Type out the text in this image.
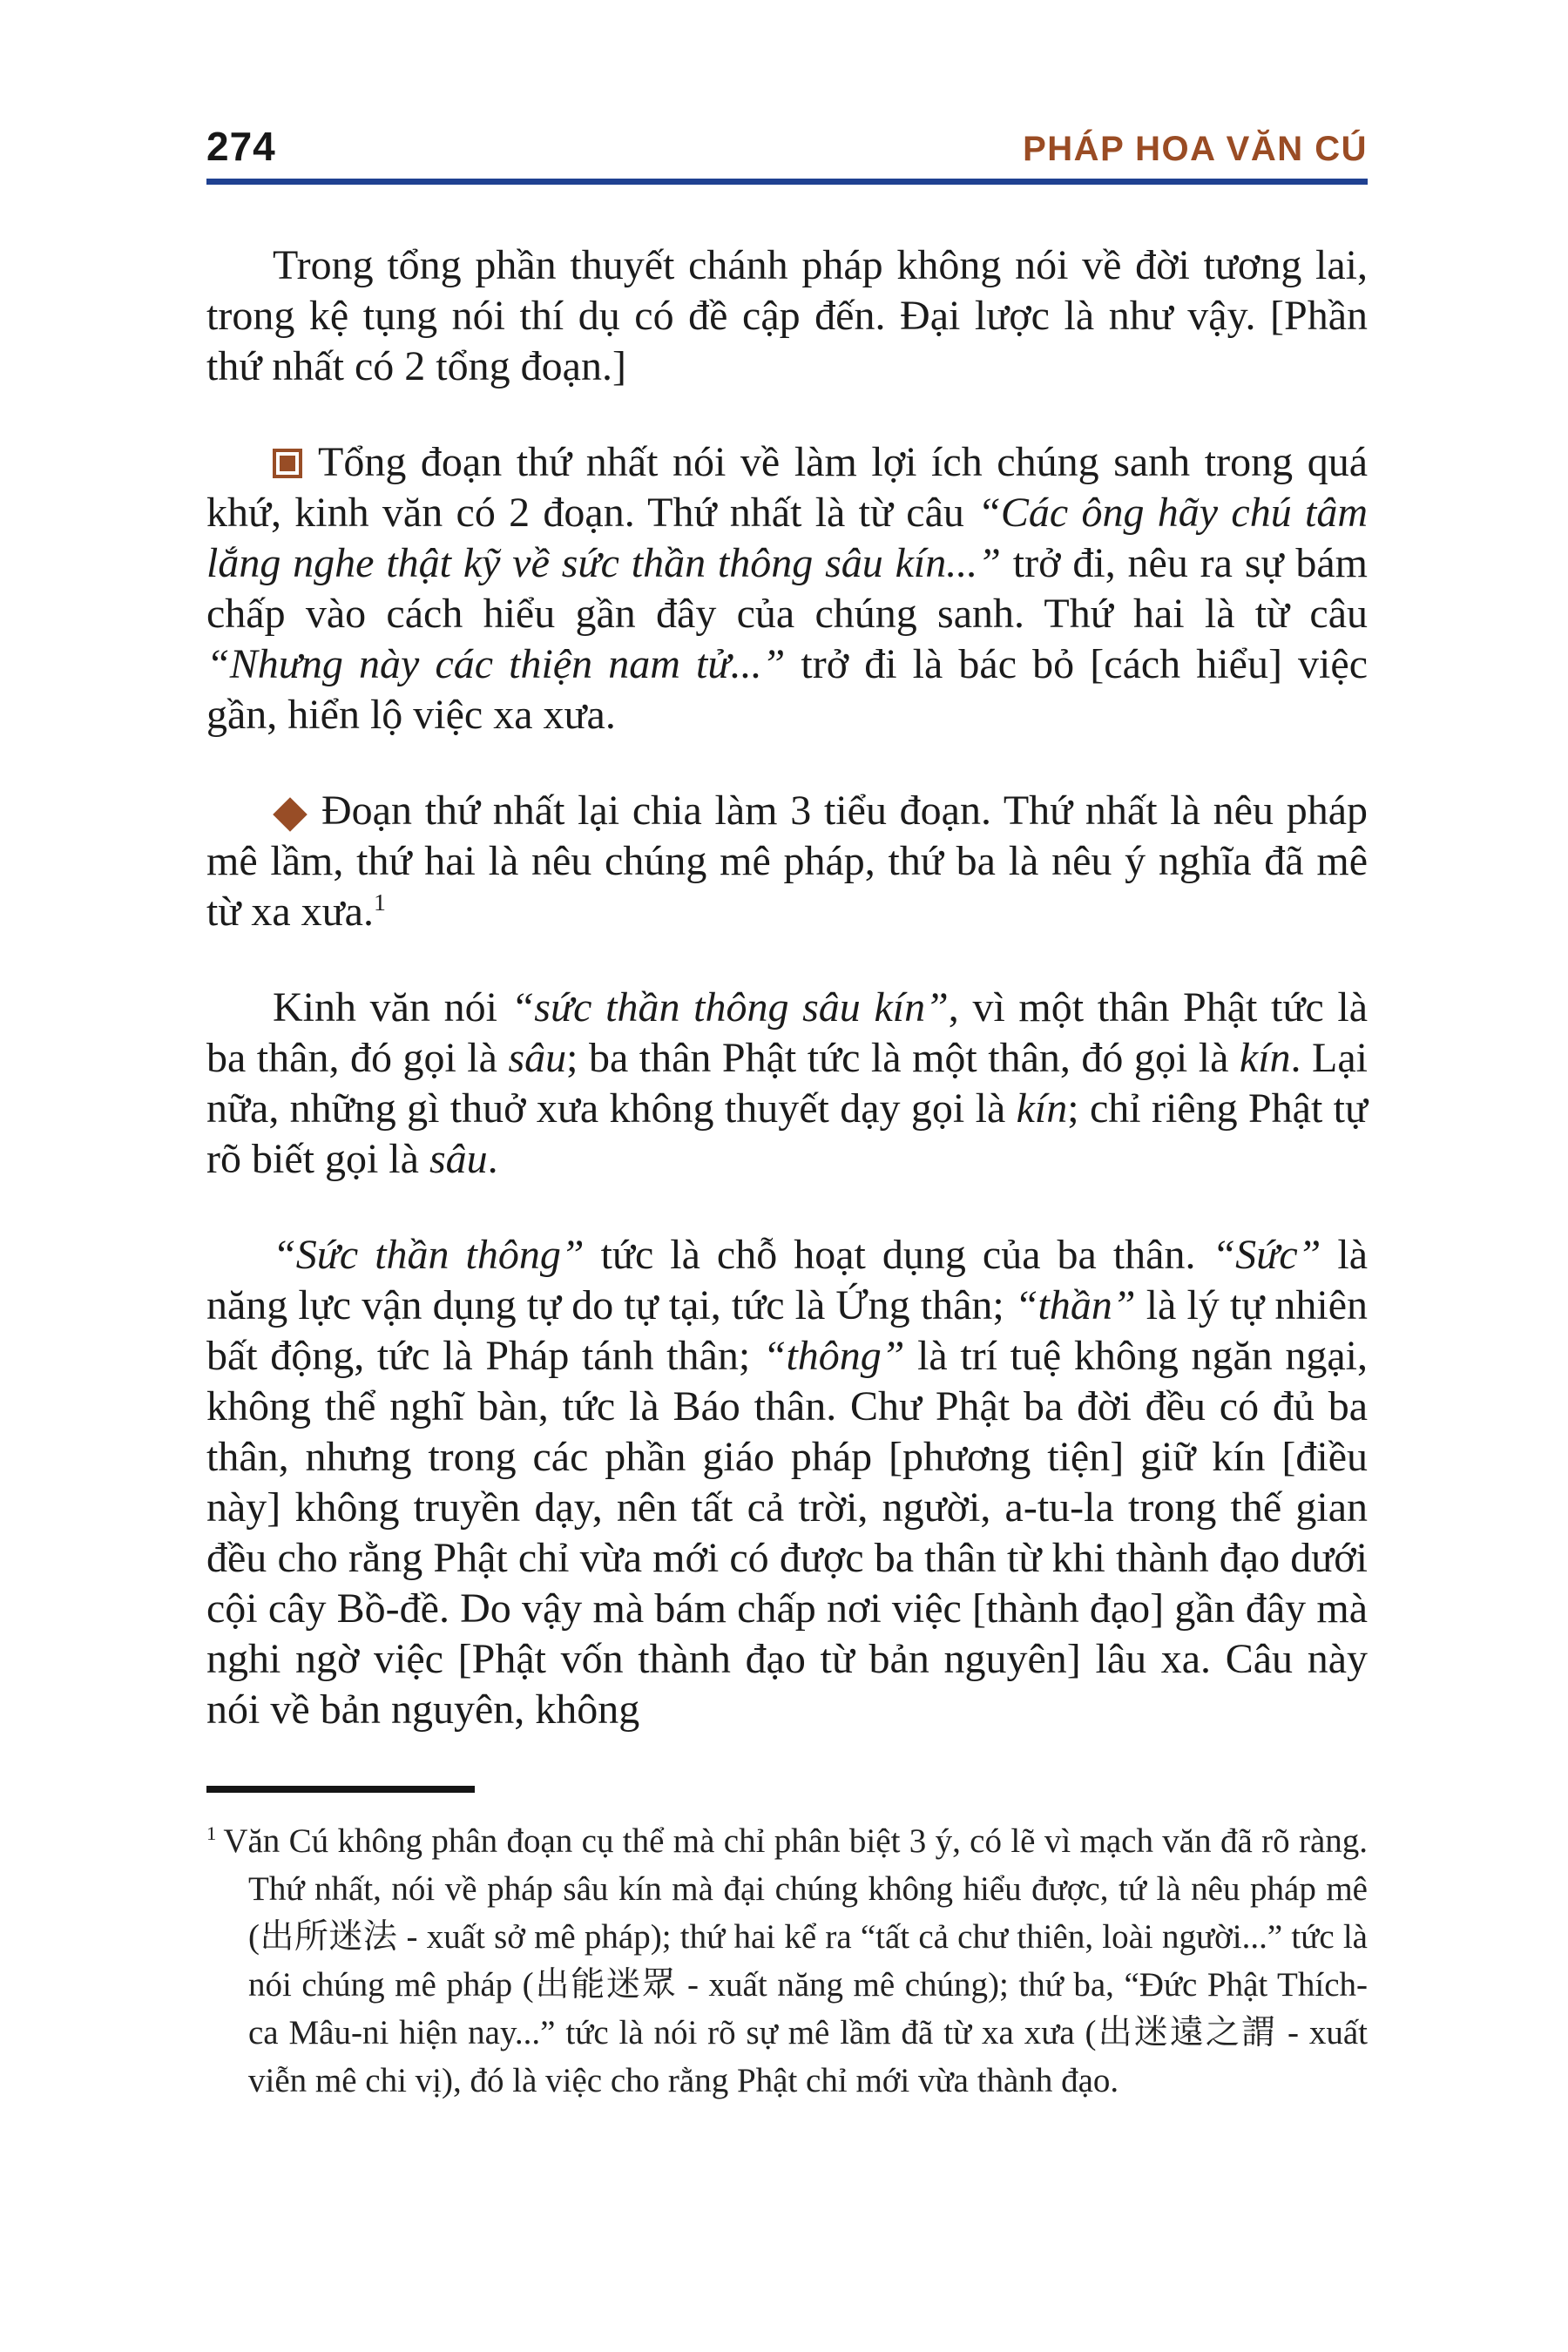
274	PHÁP HOA VĂN CÚ

Trong tổng phần thuyết chánh pháp không nói về đời tương lai, trong kệ tụng nói thí dụ có đề cập đến. Đại lược là như vậy. [Phần thứ nhất có 2 tổng đoạn.]

Tổng đoạn thứ nhất nói về làm lợi ích chúng sanh trong quá khứ, kinh văn có 2 đoạn. Thứ nhất là từ câu “Các ông hãy chú tâm lắng nghe thật kỹ về sức thần thông sâu kín...” trở đi, nêu ra sự bám chấp vào cách hiểu gần đây của chúng sanh. Thứ hai là từ câu “Nhưng này các thiện nam tử...” trở đi là bác bỏ [cách hiểu] việc gần, hiển lộ việc xa xưa.

Đoạn thứ nhất lại chia làm 3 tiểu đoạn. Thứ nhất là nêu pháp mê lầm, thứ hai là nêu chúng mê pháp, thứ ba là nêu ý nghĩa đã mê từ xa xưa.$^1$

Kinh văn nói “sức thần thông sâu kín”, vì một thân Phật tức là ba thân, đó gọi là sâu; ba thân Phật tức là một thân, đó gọi là kín. Lại nữa, những gì thuở xưa không thuyết dạy gọi là kín; chỉ riêng Phật tự rõ biết gọi là sâu.

“Sức thần thông” tức là chỗ hoạt dụng của ba thân. “Sức” là năng lực vận dụng tự do tự tại, tức là Ứng thân; “thần” là lý tự nhiên bất động, tức là Pháp tánh thân; “thông” là trí tuệ không ngăn ngại, không thể nghĩ bàn, tức là Báo thân. Chư Phật ba đời đều có đủ ba thân, nhưng trong các phần giáo pháp [phương tiện] giữ kín [điều này] không truyền dạy, nên tất cả trời, người, a-tu-la trong thế gian đều cho rằng Phật chỉ vừa mới có được ba thân từ khi thành đạo dưới cội cây Bồ-đề. Do vậy mà bám chấp nơi việc [thành đạo] gần đây mà nghi ngờ việc [Phật vốn thành đạo từ bản nguyên] lâu xa. Câu này nói về bản nguyên, không

$^1$ Văn Cú không phân đoạn cụ thể mà chỉ phân biệt 3 ý, có lẽ vì mạch văn đã rõ ràng. Thứ nhất, nói về pháp sâu kín mà đại chúng không hiểu được, tứ là nêu pháp mê (出所迷法 - xuất sở mê pháp); thứ hai kể ra “tất cả chư thiên, loài người...” tức là nói chúng mê pháp (出能迷眾 - xuất năng mê chúng); thứ ba, “Đức Phật Thích-ca Mâu-ni hiện nay...” tức là nói rõ sự mê lầm đã từ xa xưa (出迷遠之謂 - xuất viễn mê chi vị), đó là việc cho rằng Phật chỉ mới vừa thành đạo.
